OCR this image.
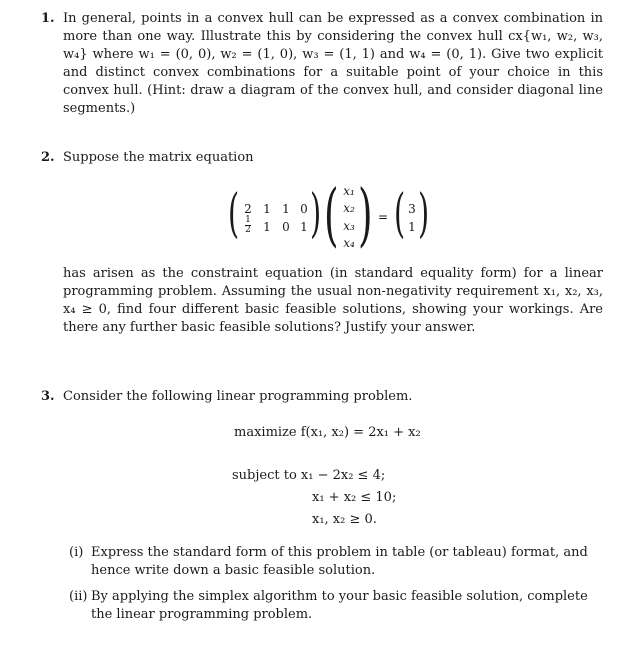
1. In general, points in a convex hull can be expressed as a convex combination in more than one way. Illustrate this by considering the convex hull cx{w₁, w₂, w₃, w₄} where w₁ = (0, 0), w₂ = (1, 0), w₃ = (1, 1) and w₄ = (0, 1). Give two explicit and distinct convex combinations for a suitable point of your choice in this convex hull. (Hint: draw a diagram of the convex hull, and consider diagonal line segments.)
2. Suppose the matrix equation
( 2 1 1 0
1
2 1 0 1 ) ( x₁
x₂
x₃
x₄ ) = ( 3
1 )
has arisen as the constraint equation (in standard equality form) for a linear programming problem. Assuming the usual non-negativity requirement x₁, x₂, x₃, x₄ ≥ 0, find four different basic feasible solutions, showing your workings. Are there any further basic feasible solutions? Justify your answer.
3. Consider the following linear programming problem.
maximize f(x₁, x₂) = 2x₁ + x₂
subject to x₁ − 2x₂ ≤ 4;
x₁ + x₂ ≤ 10;
x₁, x₂ ≥ 0.
(i) Express the standard form of this problem in table (or tableau) format, and hence write down a basic feasible solution.
(ii) By applying the simplex algorithm to your basic feasible solution, complete the linear programming problem.
